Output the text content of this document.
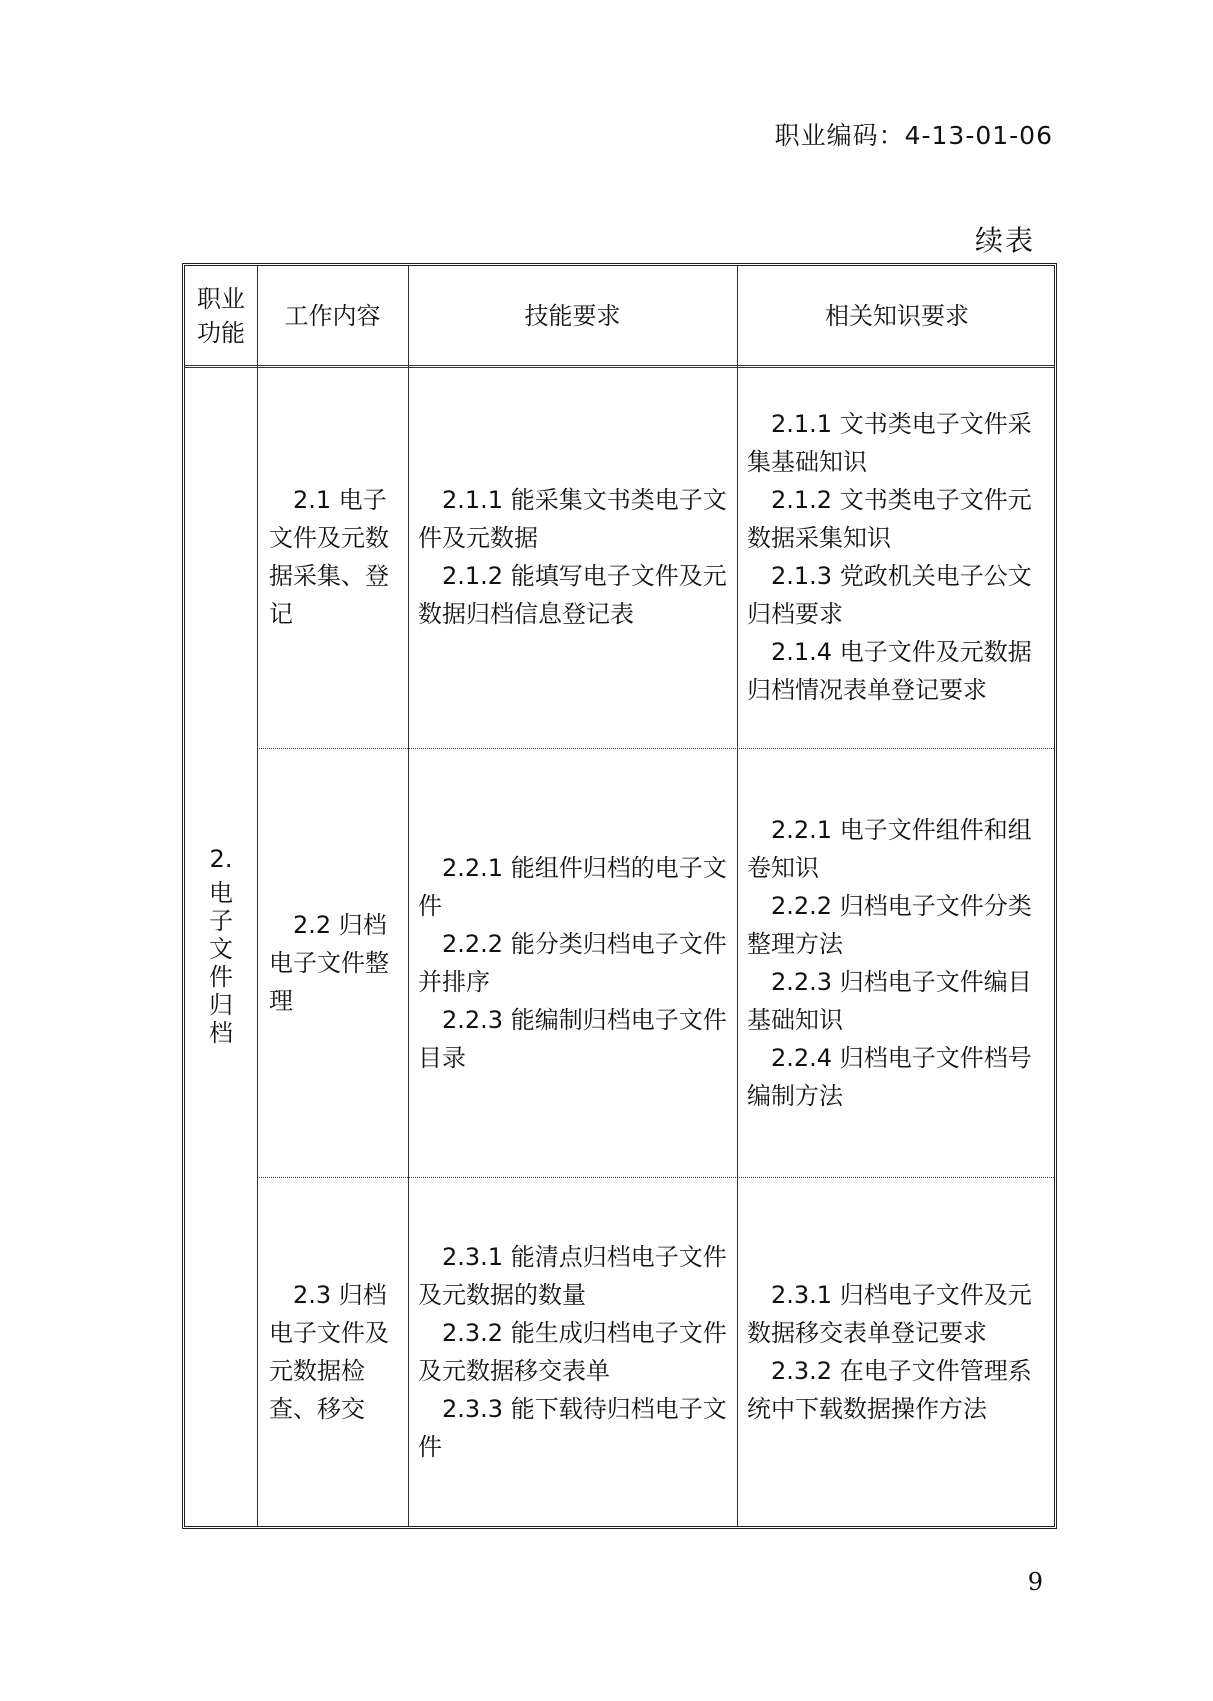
职业编码：4-13-01-06
续表
职业
功能
工作内容	技能要求	相关知识要求
2.
电
子
文
件
归
档

2.1 电子文件及元数据采集、登记

2.1.1 能采集文书类电子文件及元数据

2.1.2 能填写电子文件及元数据归档信息登记表

2.1.1 文书类电子文件采集基础知识

2.1.2 文书类电子文件元数据采集知识

2.1.3 党政机关电子公文归档要求

2.1.4 电子文件及元数据归档情况表单登记要求

2.2 归档电子文件整理

2.2.1 能组件归档的电子文件

2.2.2 能分类归档电子文件并排序

2.2.3 能编制归档电子文件目录

2.2.1 电子文件组件和组卷知识

2.2.2 归档电子文件分类整理方法

2.2.3 归档电子文件编目基础知识

2.2.4 归档电子文件档号编制方法

2.3 归档电子文件及元数据检查、移交

2.3.1 能清点归档电子文件及元数据的数量

2.3.2 能生成归档电子文件及元数据移交表单

2.3.3 能下载待归档电子文件

2.3.1 归档电子文件及元数据移交表单登记要求

2.3.2 在电子文件管理系统中下载数据操作方法

9
